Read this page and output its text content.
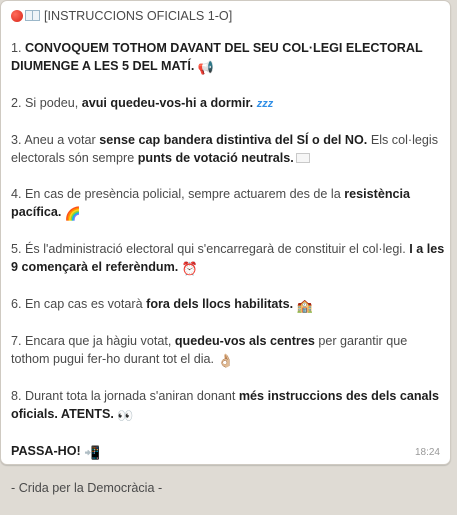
[INSTRUCCIONS OFICIALS 1-O]

1. CONVOQUEM TOTHOM DAVANT DEL SEU COL·LEGI ELECTORAL DIUMENGE A LES 5 DEL MATÍ. 📢

2. Si podeu, avui quedeu-vos-hi a dormir. zzz

3. Aneu a votar sense cap bandera distintiva del SÍ o del NO. Els col·legis electorals són sempre punts de votació neutrals.

4. En cas de presència policial, sempre actuarem des de la resistència pacífica. 🌈

5. És l'administració electoral qui s'encarregarà de constituir el col·legi. I a les 9 començarà el referèndum. ⏰

6. En cap cas es votarà fora dels llocs habilitats. 🏫

7. Encara que ja hàgiu votat, quedeu-vos als centres per garantir que tothom pugui fer-ho durant tot el dia. 👌🏼

8. Durant tota la jornada s'aniran donant més instruccions des dels canals oficials. ATENTS. 👀

PASSA-HO! 📲

- Crida per la Democràcia -

18:24
